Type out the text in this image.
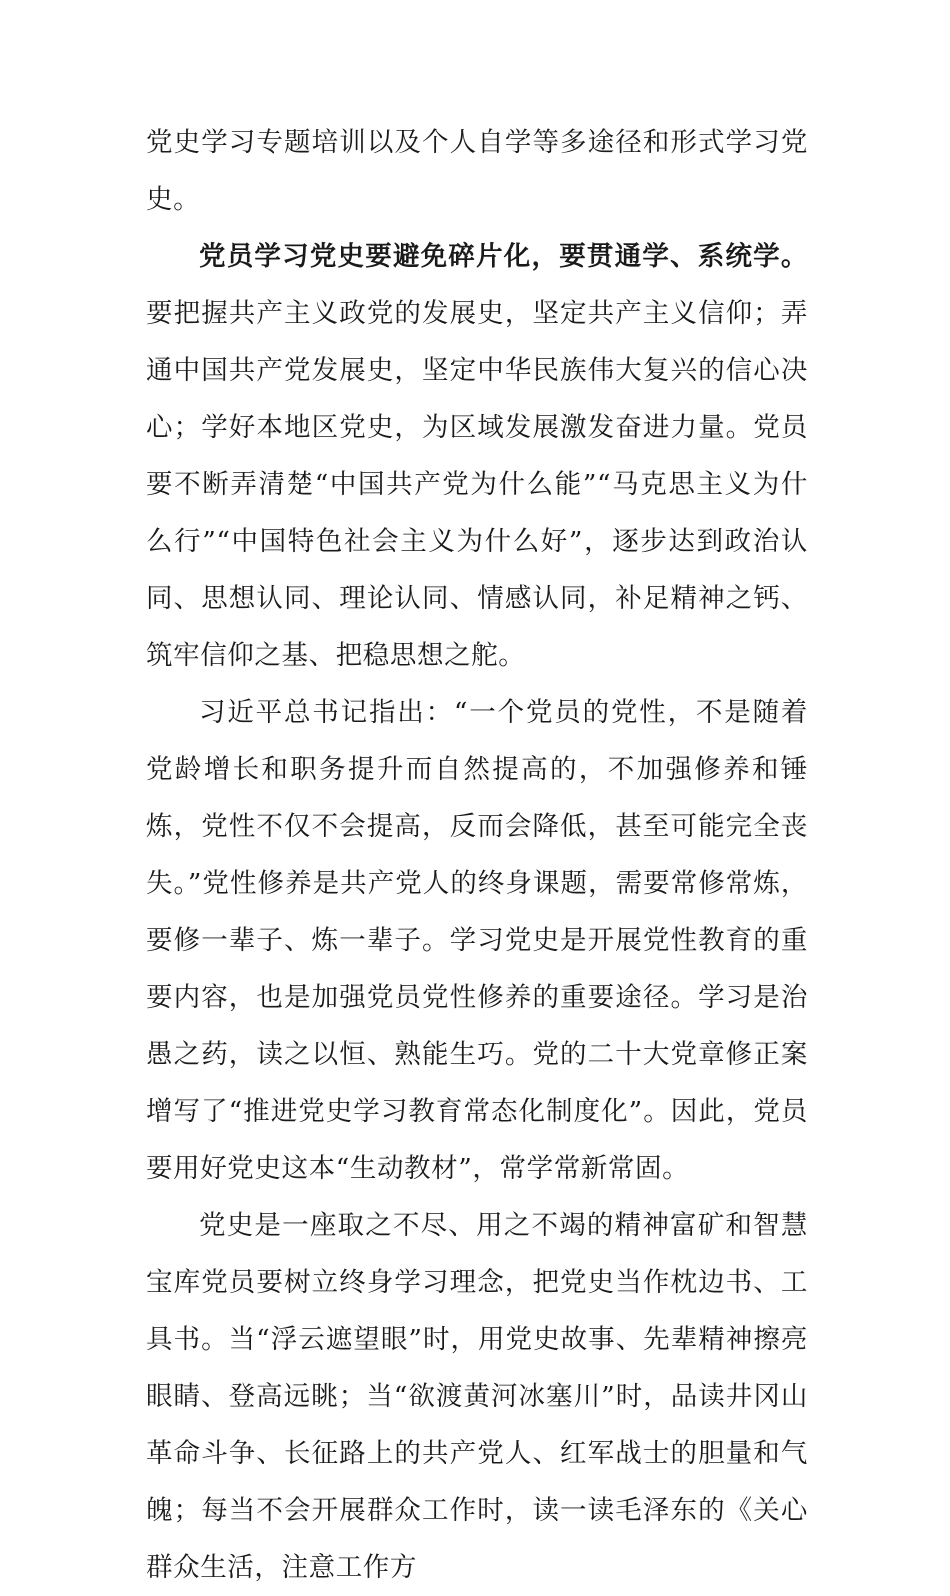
党史学习专题培训以及个人自学等多途径和形式学习党史。

党员学习党史要避免碎片化，要贯通学、系统学。要把握共产主义政党的发展史，坚定共产主义信仰；弄通中国共产党发展史，坚定中华民族伟大复兴的信心决心；学好本地区党史，为区域发展激发奋进力量。党员要不断弄清楚“中国共产党为什么能”“马克思主义为什么行”“中国特色社会主义为什么好”，逐步达到政治认同、思想认同、理论认同、情感认同，补足精神之钙、筑牢信仰之基、把稳思想之舵。

习近平总书记指出：“一个党员的党性，不是随着党龄增长和职务提升而自然提高的，不加强修养和锤炼，党性不仅不会提高，反而会降低，甚至可能完全丧失。”党性修养是共产党人的终身课题，需要常修常炼，要修一辈子、炼一辈子。学习党史是开展党性教育的重要内容，也是加强党员党性修养的重要途径。学习是治愚之药，读之以恒、熟能生巧。党的二十大党章修正案增写了“推进党史学习教育常态化制度化”。因此，党员要用好党史这本“生动教材”，常学常新常固。

党史是一座取之不尽、用之不竭的精神富矿和智慧宝库党员要树立终身学习理念，把党史当作枕边书、工具书。当“浮云遮望眼”时，用党史故事、先辈精神擦亮眼睛、登高远眺；当“欲渡黄河冰塞川”时，品读井冈山革命斗争、长征路上的共产党人、红军战士的胆量和气魄；每当不会开展群众工作时，读一读毛泽东的《关心群众生活，注意工作方
